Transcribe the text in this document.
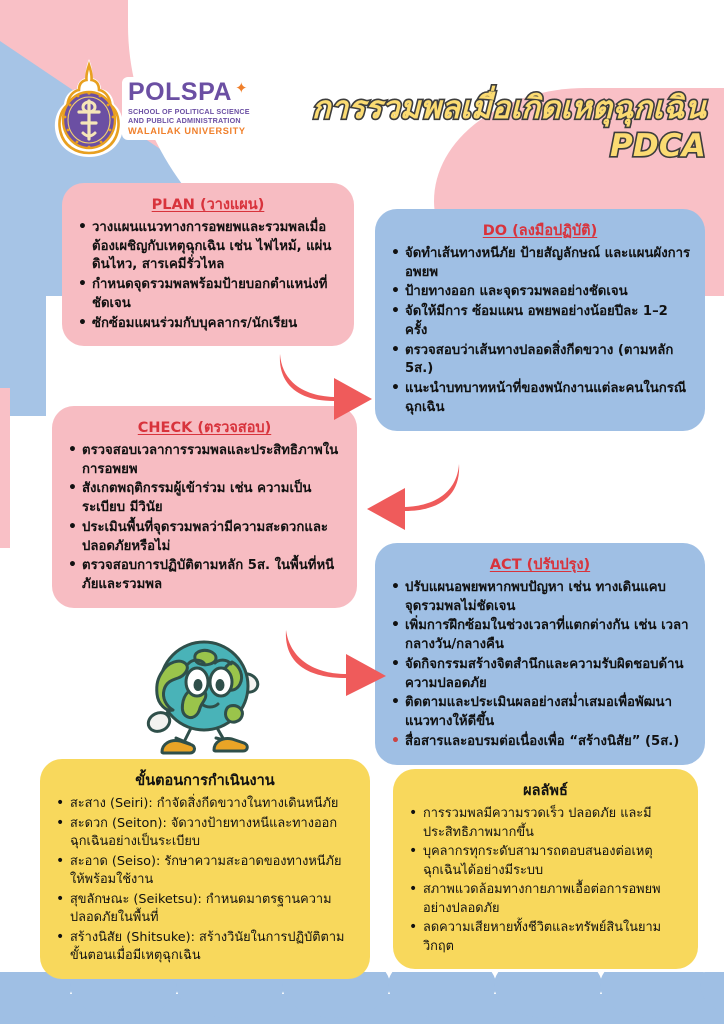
POLSPA ✦
SCHOOL OF POLITICAL SCIENCE
AND PUBLIC ADMINISTRATION
WALAILAK UNIVERSITY
การรวมพลเมื่อเกิดเหตุฉุกเฉิน
PDCA
PLAN (วางแผน)
• วางแผนแนวทางการอพยพและรวมพลเมื่อต้องเผชิญกับเหตุฉุกเฉิน เช่น ไฟไหม้, แผ่นดินไหว, สารเคมีรั่วไหล
• กำหนดจุดรวมพลพร้อมป้ายบอกตำแหน่งที่ชัดเจน
• ซักซ้อมแผนร่วมกับบุคลากร/นักเรียน
DO (ลงมือปฏิบัติ)
• จัดทำเส้นทางหนีภัย ป้ายสัญลักษณ์ และแผนผังการอพยพ
• ป้ายทางออก และจุดรวมพลอย่างชัดเจน
• จัดให้มีการ ซ้อมแผน อพยพอย่างน้อยปีละ 1–2 ครั้ง
• ตรวจสอบว่าเส้นทางปลอดสิ่งกีดขวาง (ตามหลัก 5ส.)
• แนะนำบทบาทหน้าที่ของพนักงานแต่ละคนในกรณีฉุกเฉิน
CHECK (ตรวจสอบ)
• ตรวจสอบเวลาการรวมพลและประสิทธิภาพในการอพยพ
• สังเกตพฤติกรรมผู้เข้าร่วม เช่น ความเป็นระเบียบ มีวินัย
• ประเมินพื้นที่จุดรวมพลว่ามีความสะดวกและปลอดภัยหรือไม่
• ตรวจสอบการปฏิบัติตามหลัก 5ส. ในพื้นที่หนีภัยและรวมพล
ACT (ปรับปรุง)
• ปรับแผนอพยพหากพบปัญหา เช่น ทางเดินแคบ จุดรวมพลไม่ชัดเจน
• เพิ่มการฝึกซ้อมในช่วงเวลาที่แตกต่างกัน เช่น เวลากลางวัน/กลางคืน
• จัดกิจกรรมสร้างจิตสำนึกและความรับผิดชอบด้านความปลอดภัย
• ติดตามและประเมินผลอย่างสม่ำเสมอเพื่อพัฒนาแนวทางให้ดีขึ้น
• สื่อสารและอบรมต่อเนื่องเพื่อ “สร้างนิสัย” (5ส.)
ขั้นตอนการกำเนินงาน
• สะสาง (Seiri): กำจัดสิ่งกีดขวางในทางเดินหนีภัย
• สะดวก (Seiton): จัดวางป้ายทางหนีและทางออกฉุกเฉินอย่างเป็นระเบียบ
• สะอาด (Seiso): รักษาความสะอาดของทางหนีภัยให้พร้อมใช้งาน
• สุขลักษณะ (Seiketsu): กำหนดมาตรฐานความปลอดภัยในพื้นที่
• สร้างนิสัย (Shitsuke): สร้างวินัยในการปฏิบัติตามขั้นตอนเมื่อมีเหตุฉุกเฉิน
ผลลัพธ์
• การรวมพลมีความรวดเร็ว ปลอดภัย และมีประสิทธิภาพมากขึ้น
• บุคลากรทุกระดับสามารถตอบสนองต่อเหตุฉุกเฉินได้อย่างมีระบบ
• สภาพแวดล้อมทางกายภาพเอื้อต่อการอพยพอย่างปลอดภัย
• ลดความเสียหายทั้งชีวิตและทรัพย์สินในยามวิกฤต
